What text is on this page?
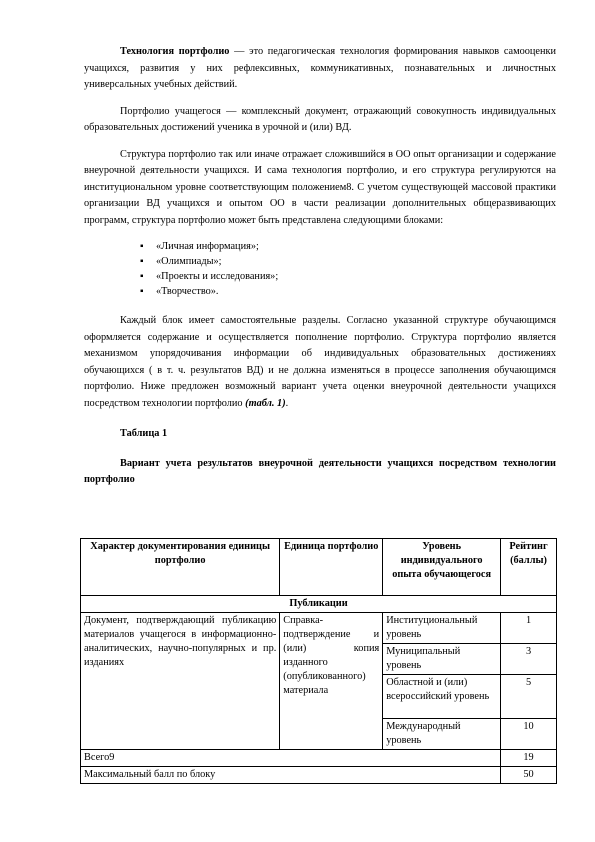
Технология портфолио — это педагогическая технология формирования навыков самооценки учащихся, развития у них рефлексивных, коммуникативных, познавательных и личностных универсальных учебных действий.

Портфолио учащегося — комплексный документ, отражающий совокупность индивидуальных образовательных достижений ученика в урочной и (или) ВД.

Структура портфолио так или иначе отражает сложившийся в ОО опыт организации и содержание внеурочной деятельности учащихся. И сама технология портфолио, и его структура регулируются на институциональном уровне соответствующим положением8. С учетом существующей массовой практики организации ВД учащихся и опытом ОО в части реализации дополнительных общеразвивающих программ, структура портфолио может быть представлена следующими блоками:

▪ «Личная информация»;
▪ «Олимпиады»;
▪ «Проекты и исследования»;
▪ «Творчество».

Каждый блок имеет самостоятельные разделы. Согласно указанной структуре обучающимся оформляется содержание и осуществляется пополнение портфолио. Структура портфолио является механизмом упорядочивания информации об индивидуальных образовательных достижениях обучающихся ( в т. ч. результатов ВД) и не должна изменяться в процессе заполнения обучающимся портфолио. Ниже предложен возможный вариант учета оценки внеурочной деятельности учащихся посредством технологии портфолио (табл. 1).

Таблица 1

Вариант учета результатов внеурочной деятельности учащихся посредством технологии портфолио

Характер документирования единицы портфолио	Единица портфолио	Уровень индивидуального опыта обучающегося	Рейтинг (баллы)
Публикации			
Документ, подтверждающий публикацию материалов учащегося в информационно-аналитических, научно-популярных и пр. изданиях	Справка-подтверждение и (или) копия изданного (опубликованного) материала	Институциональный уровень	1
		Муниципальный уровень	3
		Областной и (или) всероссийский уровень	5
		Международный уровень	10
Всего9			19
Максимальный балл по блоку			50
